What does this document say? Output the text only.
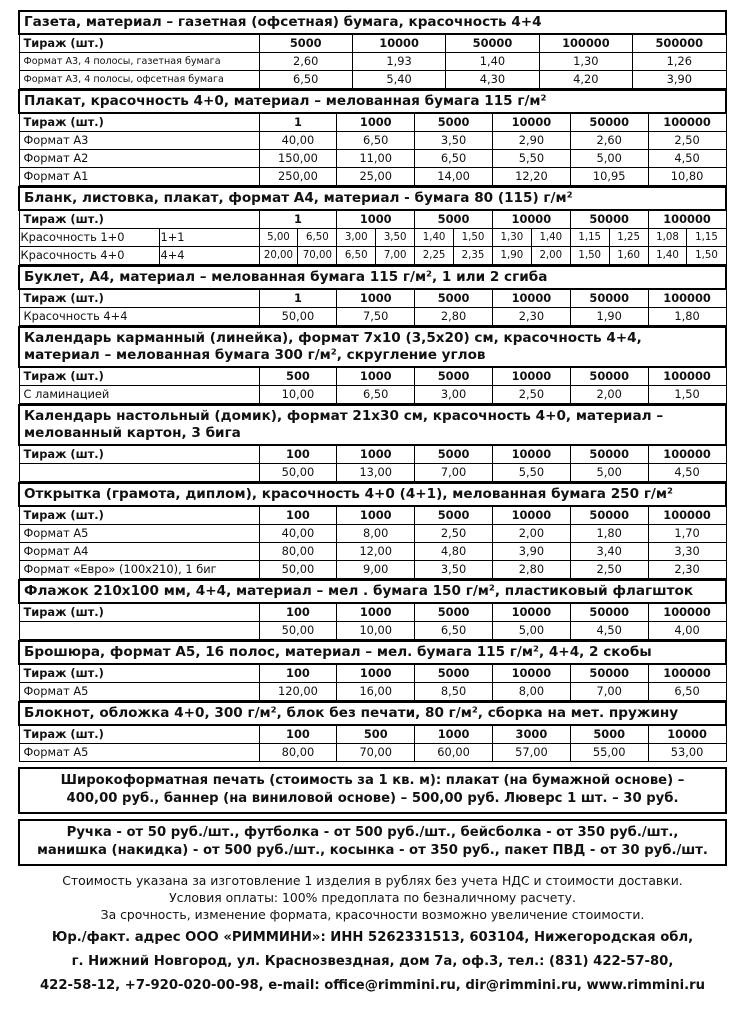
Газета, материал – газетная (офсетная) бумага, красочность 4+4					
Тираж (шт.)	5000	10000	50000	100000	500000
Формат А3, 4 полосы, газетная бумага	2,60	1,93	1,40	1,30	1,26
Формат А3, 4 полосы, офсетная бумага	6,50	5,40	4,30	4,20	3,90
Плакат, красочность 4+0, материал – мелованная бумага 115 г/м²						
Тираж (шт.)	1	1000	5000	10000	50000	100000
Формат А3	40,00	6,50	3,50	2,90	2,60	2,50
Формат А2	150,00	11,00	6,50	5,50	5,00	4,50
Формат А1	250,00	25,00	14,00	12,20	10,95	10,80
Бланк, листовка, плакат, формат А4, материал - бумага 80 (115) г/м²													
Тираж (шт.)		1		1000		5000		10000		50000		100000	
Красочность 1+0	1+1	5,00	6,50	3,00	3,50	1,40	1,50	1,30	1,40	1,15	1,25	1,08	1,15
Красочность 4+0	4+4	20,00	70,00	6,50	7,00	2,25	2,35	1,90	2,00	1,50	1,60	1,40	1,50
Буклет, А4, материал – мелованная бумага 115 г/м², 1 или 2 сгиба						
Тираж (шт.)	1	1000	5000	10000	50000	100000
Красочность 4+4	50,00	7,50	2,80	2,30	1,90	1,80
Календарь карманный (линейка), формат 7х10 (3,5х20) см, красочность 4+4, материал – мелованная бумага 300 г/м², скругление углов						
Тираж (шт.)	500	1000	5000	10000	50000	100000
С ламинацией	10,00	6,50	3,00	2,50	2,00	1,50
Календарь настольный (домик), формат 21х30 см, красочность 4+0, материал – мелованный картон, 3 бига						
Тираж (шт.)	100	1000	5000	10000	50000	100000
	50,00	13,00	7,00	5,50	5,00	4,50
Открытка (грамота, диплом), красочность 4+0 (4+1), мелованная бумага 250 г/м²						
Тираж (шт.)	100	1000	5000	10000	50000	100000
Формат А5	40,00	8,00	2,50	2,00	1,80	1,70
Формат А4	80,00	12,00	4,80	3,90	3,40	3,30
Формат «Евро» (100х210), 1 биг	50,00	9,00	3,50	2,80	2,50	2,30
Флажок 210х100 мм, 4+4, материал – мел . бумага 150 г/м², пластиковый флагшток						
Тираж (шт.)	100	1000	5000	10000	50000	100000
	50,00	10,00	6,50	5,00	4,50	4,00
Брошюра, формат А5, 16 полос, материал – мел. бумага 115 г/м², 4+4, 2 скобы						
Тираж (шт.)	100	1000	5000	10000	50000	100000
Формат А5	120,00	16,00	8,50	8,00	7,00	6,50
Блокнот, обложка 4+0, 300 г/м², блок без печати, 80 г/м², сборка на мет. пружину						
Тираж (шт.)	100	500	1000	3000	5000	10000
Формат А5	80,00	70,00	60,00	57,00	55,00	53,00
Широкоформатная печать (стоимость за 1 кв. м): плакат (на бумажной основе) –
400,00 руб., баннер (на виниловой основе) – 500,00 руб. Люверс 1 шт. – 30 руб.
Ручка - от 50 руб./шт., футболка - от 500 руб./шт., бейсболка - от 350 руб./шт.,
манишка (накидка) - от 500 руб./шт., косынка - от 350 руб., пакет ПВД - от 30 руб./шт.
Стоимость указана за изготовление 1 изделия в рублях без учета НДС и стоимости доставки.
Условия оплаты: 100% предоплата по безналичному расчету.
За срочность, изменение формата, красочности возможно увеличение стоимости.
Юр./факт. адрес ООО «РИММИНИ»: ИНН 5262331513, 603104, Нижегородская обл,
г. Нижний Новгород, ул. Краснозвездная, дом 7а, оф.3, тел.: (831) 422-57-80,
422-58-12, +7-920-020-00-98, e-mail: office@rimmini.ru, dir@rimmini.ru, www.rimmini.ru
